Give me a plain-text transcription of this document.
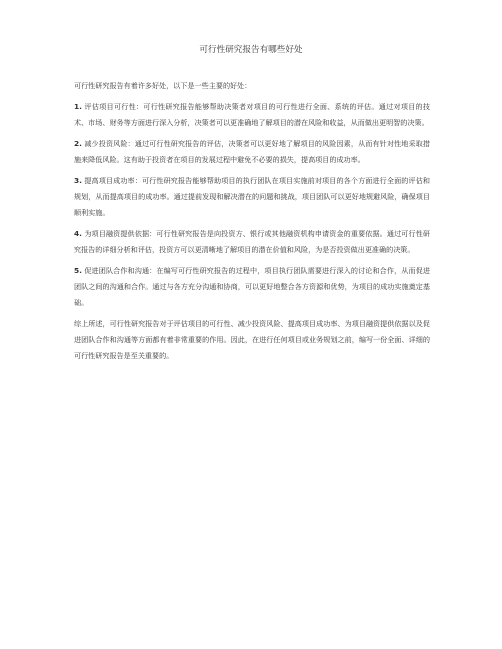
可行性研究报告有哪些好处

可行性研究报告有着许多好处，以下是一些主要的好处：

1. 评估项目可行性：可行性研究报告能够帮助决策者对项目的可行性进行全面、系统的评估。通过对项目的技术、市场、财务等方面进行深入分析，决策者可以更准确地了解项目的潜在风险和收益，从而做出更明智的决策。

2. 减少投资风险：通过可行性研究报告的评估，决策者可以更好地了解项目的风险因素，从而有针对性地采取措施来降低风险。这有助于投资者在项目的发展过程中避免不必要的损失，提高项目的成功率。

3. 提高项目成功率：可行性研究报告能够帮助项目的执行团队在项目实施前对项目的各个方面进行全面的评估和规划，从而提高项目的成功率。通过提前发现和解决潜在的问题和挑战，项目团队可以更好地规避风险，确保项目顺利实施。

4. 为项目融资提供依据：可行性研究报告是向投资方、银行或其他融资机构申请资金的重要依据。通过可行性研究报告的详细分析和评估，投资方可以更清晰地了解项目的潜在价值和风险，为是否投资做出更准确的决策。

5. 促进团队合作和沟通：在编写可行性研究报告的过程中，项目执行团队需要进行深入的讨论和合作，从而促进团队之间的沟通和合作。通过与各方充分沟通和协商，可以更好地整合各方资源和优势，为项目的成功实施奠定基础。

综上所述，可行性研究报告对于评估项目的可行性、减少投资风险、提高项目成功率、为项目融资提供依据以及促进团队合作和沟通等方面都有着非常重要的作用。因此，在进行任何项目或业务规划之前，编写一份全面、详细的可行性研究报告是至关重要的。
